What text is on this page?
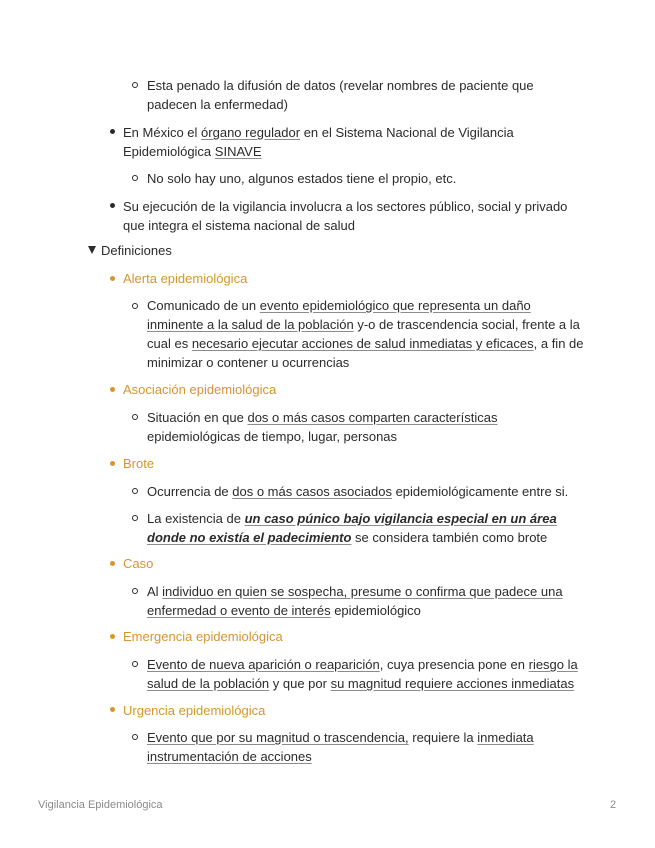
Esta penado la difusión de datos (revelar nombres de paciente que
padecen la enfermedad)
En México el órgano regulador en el Sistema Nacional de Vigilancia
Epidemiológica SINAVE
No solo hay uno, algunos estados tiene el propio, etc.
Su ejecución de la vigilancia involucra a los sectores público, social y privado
que integra el sistema nacional de salud
Definiciones
Alerta epidemiológica
Comunicado de un evento epidemiológico que representa un daño
inminente a la salud de la población y-o de trascendencia social, frente a la
cual es necesario ejecutar acciones de salud inmediatas y eficaces, a fin de
minimizar o contener u ocurrencias
Asociación epidemiológica
Situación en que dos o más casos comparten características
epidemiológicas de tiempo, lugar, personas
Brote
Ocurrencia de dos o más casos asociados epidemiológicamente entre si.
La existencia de un caso púnico bajo vigilancia especial en un área
donde no existía el padecimiento se considera también como brote
Caso
Al individuo en quien se sospecha, presume o confirma que padece una
enfermedad o evento de interés epidemiológico
Emergencia epidemiológica
Evento de nueva aparición o reaparición, cuya presencia pone en riesgo la
salud de la población y que por su magnitud requiere acciones inmediatas
Urgencia epidemiológica
Evento que por su magnitud o trascendencia, requiere la inmediata
instrumentación de acciones
Vigilancia Epidemiológica	2
